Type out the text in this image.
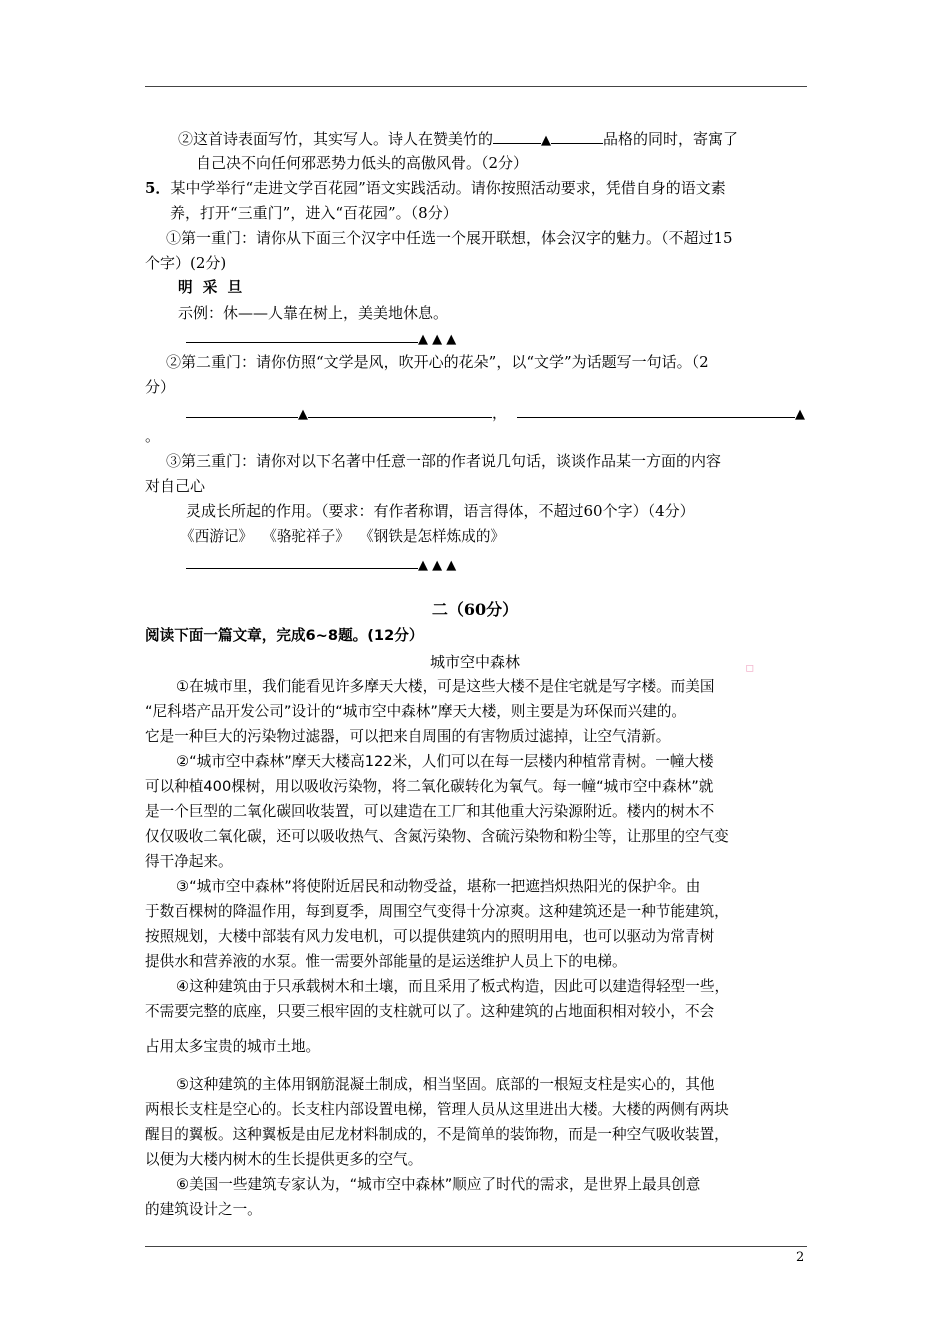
②这首诗表面写竹，其实写人。诗人在赞美竹的	▲	品格的同时，寄寓了
自己决不向任何邪恶势力低头的高傲风骨。（2分）
5．某中学举行“走进文学百花园”语文实践活动。请你按照活动要求，凭借自身的语文素
养，打开“三重门”，进入“百花园”。（8分）
①第一重门：请你从下面三个汉字中任选一个展开联想，体会汉字的魅力。（不超过15
个字）(2分)
明  采  旦
示例：休——人靠在树上，美美地休息。
▲ ▲ ▲
②第二重门：请你仿照“文学是风，吹开心的花朵”，以“文学”为话题写一句话。（2
分）
▲	，	▲
。
③第三重门：请你对以下名著中任意一部的作者说几句话，谈谈作品某一方面的内容
对自己心
灵成长所起的作用。（要求：有作者称谓，语言得体，不超过60个字）（4分）
《西游记》  《骆驼祥子》  《钢铁是怎样炼成的》
▲ ▲ ▲
二（60分）
阅读下面一篇文章，完成6~8题。(12分）
城市空中森林	▫
①在城市里，我们能看见许多摩天大楼，可是这些大楼不是住宅就是写字楼。而美国
“尼科塔产品开发公司”设计的“城市空中森林”摩天大楼，则主要是为环保而兴建的。
它是一种巨大的污染物过滤器，可以把来自周围的有害物质过滤掉，让空气清新。
②“城市空中森林”摩天大楼高122米，人们可以在每一层楼内种植常青树。一幢大楼
可以种植400棵树，用以吸收污染物，将二氧化碳转化为氧气。每一幢“城市空中森林”就
是一个巨型的二氧化碳回收装置，可以建造在工厂和其他重大污染源附近。楼内的树木不
仅仅吸收二氧化碳，还可以吸收热气、含氮污染物、含硫污染物和粉尘等，让那里的空气变
得干净起来。
③“城市空中森林”将使附近居民和动物受益，堪称一把遮挡炽热阳光的保护伞。由
于数百棵树的降温作用，每到夏季，周围空气变得十分凉爽。这种建筑还是一种节能建筑，
按照规划，大楼中部装有风力发电机，可以提供建筑内的照明用电，也可以驱动为常青树
提供水和营养液的水泵。惟一需要外部能量的是运送维护人员上下的电梯。
④这种建筑由于只承载树木和土壤，而且采用了板式构造，因此可以建造得轻型一些，
不需要完整的底座，只要三根牢固的支柱就可以了。这种建筑的占地面积相对较小，不会
占用太多宝贵的城市土地。
⑤这种建筑的主体用钢筋混凝土制成，相当坚固。底部的一根短支柱是实心的，其他
两根长支柱是空心的。长支柱内部设置电梯，管理人员从这里进出大楼。大楼的两侧有两块
醒目的翼板。这种翼板是由尼龙材料制成的，不是简单的装饰物，而是一种空气吸收装置，
以便为大楼内树木的生长提供更多的空气。
⑥美国一些建筑专家认为，“城市空中森林”顺应了时代的需求，是世界上最具创意
的建筑设计之一。
2
